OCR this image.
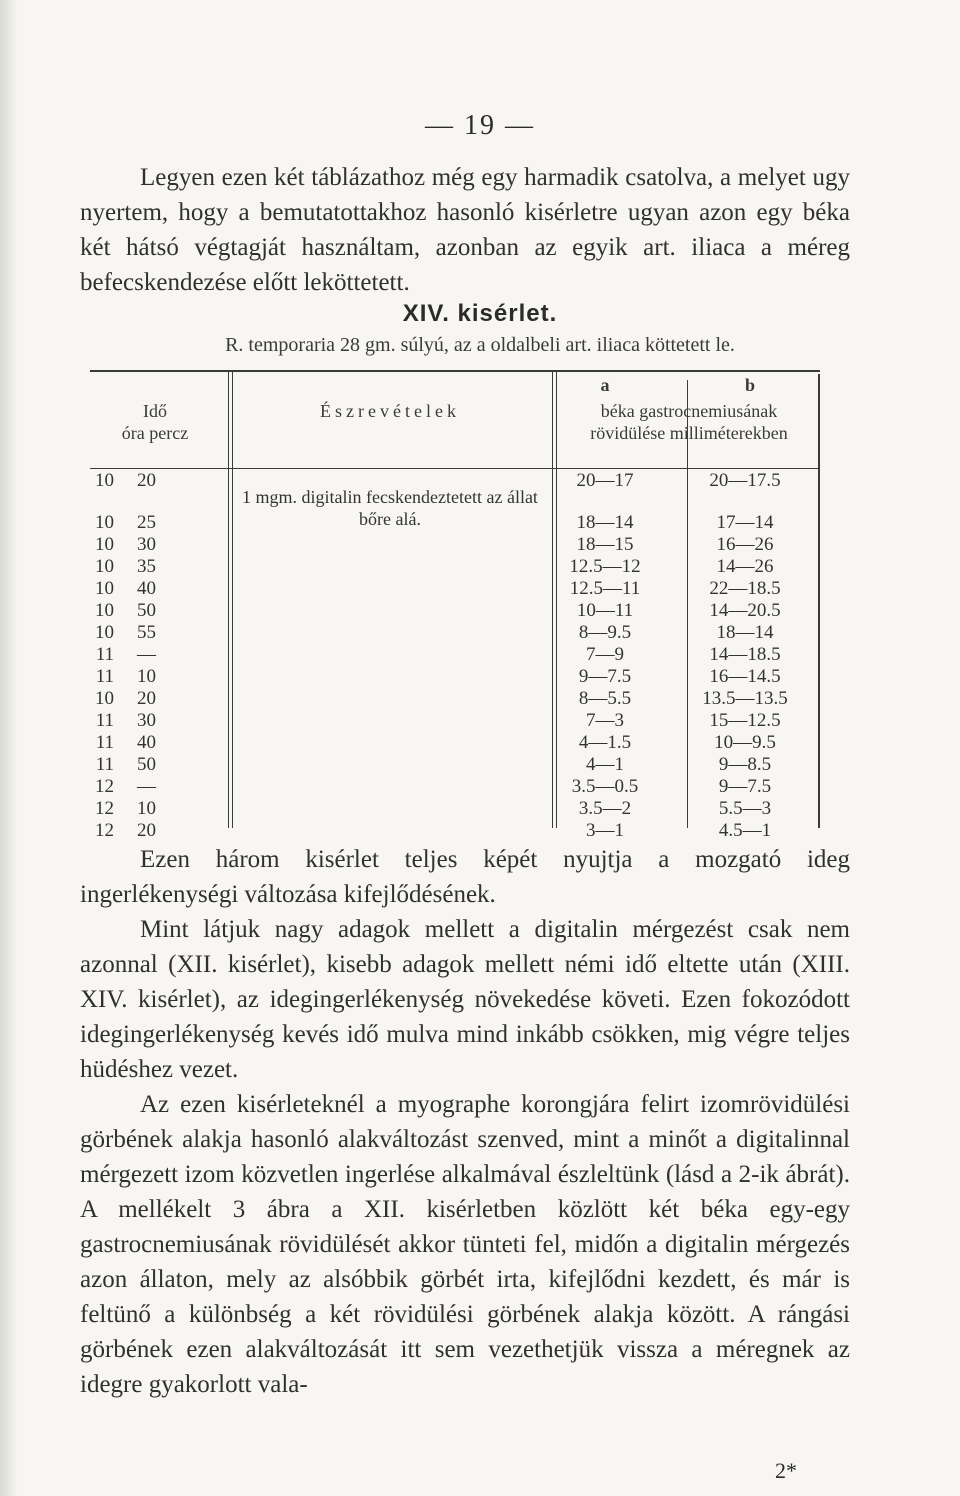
— 19 —
Legyen ezen két táblázathoz még egy harmadik csatolva, a melyet ugy nyertem, hogy a bemutatottakhoz hasonló kisérletre ugyan azon egy béka két hátsó végtagját használtam, azonban az egyik art. iliaca a méreg befecskendezése előtt leköttetett.
XIV. kisérlet.
R. temporaria 28 gm. súlyú, az a oldalbeli art. iliaca köttetett le.
Idő
óra percz
Észrevételek
a	b
béka gastrocnemiusának
rövidülése milliméterekben
1 mgm. digitalin fecskendeztetett az állat bőre alá.
10	20	20—17	20—17.5
10	25	18—14	17—14
10	30	18—15	16—26
10	35	12.5—12	14—26
10	40	12.5—11	22—18.5
10	50	10—11	14—20.5
10	55	8—9.5	18—14
11	—	7—9	14—18.5
11	10	9—7.5	16—14.5
10	20	8—5.5	13.5—13.5
11	30	7—3	15—12.5
11	40	4—1.5	10—9.5
11	50	4—1	9—8.5
12	—	3.5—0.5	9—7.5
12	10	3.5—2	5.5—3
12	20	3—1	4.5—1
Ezen három kisérlet teljes képét nyujtja a mozgató ideg ingerlékenységi változása kifejlődésének.
Mint látjuk nagy adagok mellett a digitalin mérgezést csak nem azonnal (XII. kisérlet), kisebb adagok mellett némi idő eltette után (XIII. XIV. kisérlet), az idegingerlékenység növekedése követi. Ezen fokozódott idegingerlékenység kevés idő mulva mind inkább csökken, mig végre teljes hüdéshez vezet.
Az ezen kisérleteknél a myographe korongjára felirt izomrövidülési görbének alakja hasonló alakváltozást szenved, mint a minőt a digitalinnal mérgezett izom közvetlen ingerlése alkalmával észleltünk (lásd a 2-ik ábrát). A mellékelt 3 ábra a XII. kisérletben közlött két béka egy-egy gastrocnemiusának rövidülését akkor tünteti fel, midőn a digitalin mérgezés azon állaton, mely az alsóbbik görbét irta, kifejlődni kezdett, és már is feltünő a különbség a két rövidülési görbének alakja között. A rángási görbének ezen alakváltozását itt sem vezethetjük vissza a méregnek az idegre gyakorlott vala-
2*
